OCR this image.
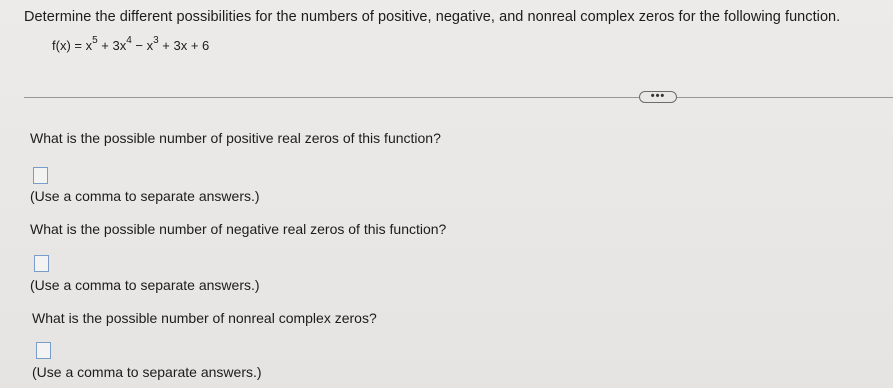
Determine the different possibilities for the numbers of positive, negative, and nonreal complex zeros for the following function.
$f(x) = x^5 + 3x^4 - x^3 + 3x + 6$
•••
What is the possible number of positive real zeros of this function?
(Use a comma to separate answers.)
What is the possible number of negative real zeros of this function?
(Use a comma to separate answers.)
What is the possible number of nonreal complex zeros?
(Use a comma to separate answers.)
